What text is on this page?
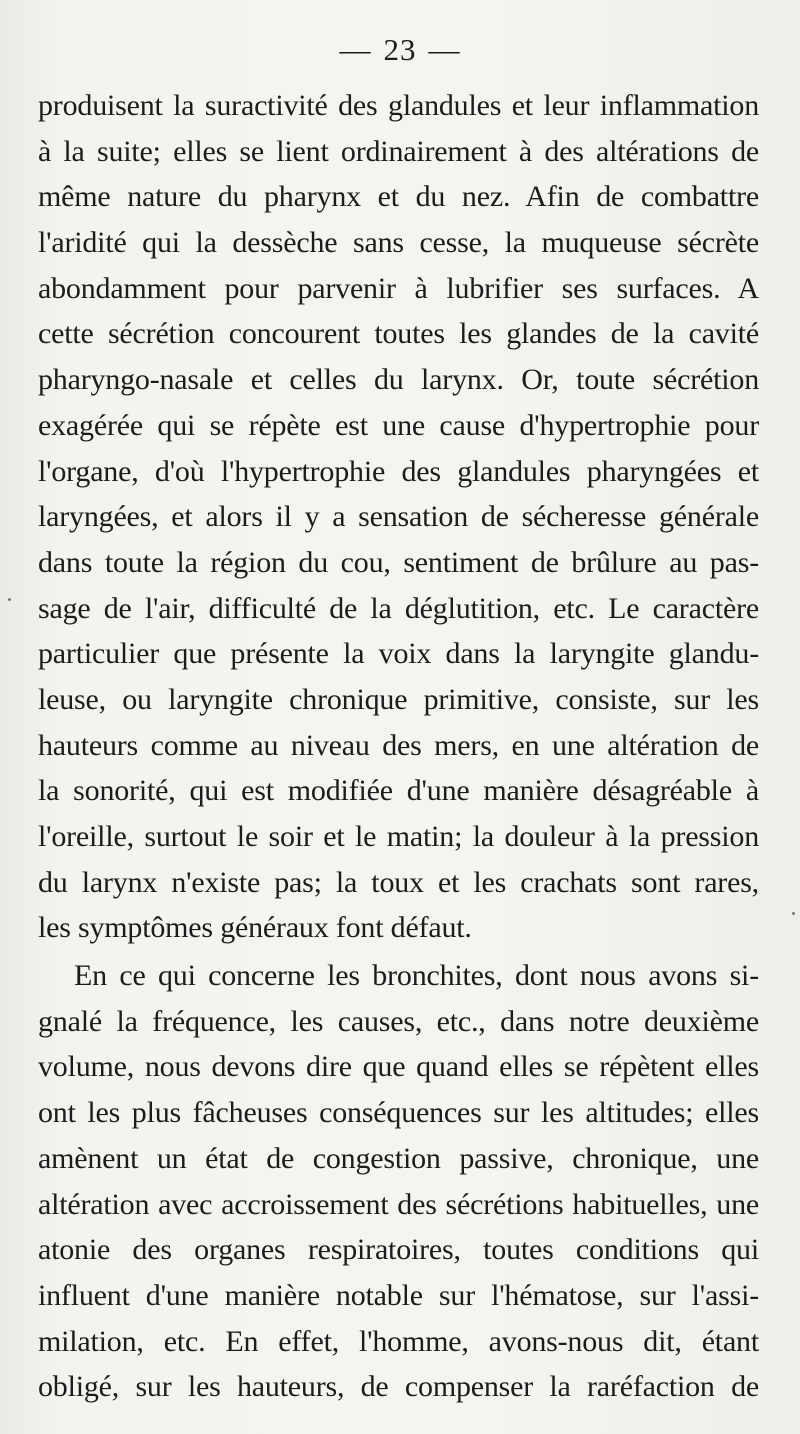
— 23 —

produisent la suractivité des glandules et leur inflammation
à la suite; elles se lient ordinairement à des altérations de
même nature du pharynx et du nez. Afin de combattre
l'aridité qui la dessèche sans cesse, la muqueuse sécrète
abondamment pour parvenir à lubrifier ses surfaces. A
cette sécrétion concourent toutes les glandes de la cavité
pharyngo-nasale et celles du larynx. Or, toute sécrétion
exagérée qui se répète est une cause d'hypertrophie pour
l'organe, d'où l'hypertrophie des glandules pharyngées et
laryngées, et alors il y a sensation de sécheresse générale
dans toute la région du cou, sentiment de brûlure au pas-
sage de l'air, difficulté de la déglutition, etc. Le caractère
particulier que présente la voix dans la laryngite glandu-
leuse, ou laryngite chronique primitive, consiste, sur les
hauteurs comme au niveau des mers, en une altération de
la sonorité, qui est modifiée d'une manière désagréable à
l'oreille, surtout le soir et le matin; la douleur à la pression
du larynx n'existe pas; la toux et les crachats sont rares,
les symptômes généraux font défaut.

En ce qui concerne les bronchites, dont nous avons si-
gnalé la fréquence, les causes, etc., dans notre deuxième
volume, nous devons dire que quand elles se répètent elles
ont les plus fâcheuses conséquences sur les altitudes; elles
amènent un état de congestion passive, chronique, une
altération avec accroissement des sécrétions habituelles, une
atonie des organes respiratoires, toutes conditions qui
influent d'une manière notable sur l'hématose, sur l'assi-
milation, etc. En effet, l'homme, avons-nous dit, étant
obligé, sur les hauteurs, de compenser la raréfaction de
